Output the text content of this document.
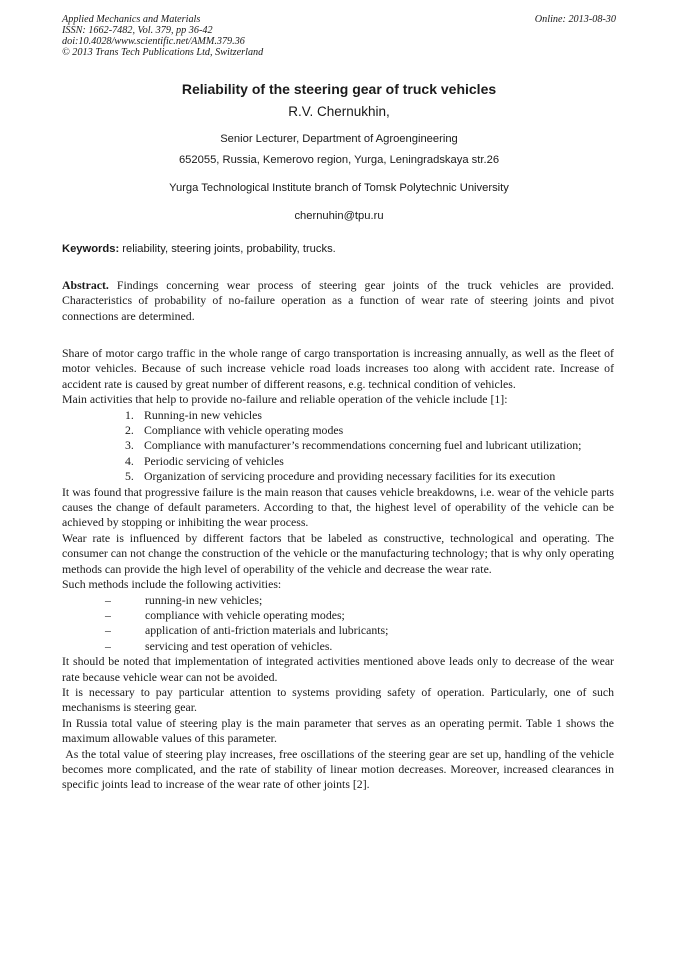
Applied Mechanics and Materials
ISSN: 1662-7482, Vol. 379, pp 36-42
doi:10.4028/www.scientific.net/AMM.379.36
© 2013 Trans Tech Publications Ltd, Switzerland
Online: 2013-08-30
Reliability of the steering gear of truck vehicles
R.V. Chernukhin,
Senior Lecturer, Department of Agroengineering
652055, Russia, Kemerovo region, Yurga, Leningradskaya str.26
Yurga Technological Institute branch of Tomsk Polytechnic University
chernuhin@tpu.ru
Keywords: reliability, steering joints, probability, trucks.

Abstract. Findings concerning wear process of steering gear joints of the truck vehicles are provided. Characteristics of probability of no-failure operation as a function of wear rate of steering joints and pivot connections are determined.

Share of motor cargo traffic in the whole range of cargo transportation is increasing annually, as well as the fleet of motor vehicles. Because of such increase vehicle road loads increases too along with accident rate. Increase of accident rate is caused by great number of different reasons, e.g. technical condition of vehicles.

Main activities that help to provide no-failure and reliable operation of the vehicle include [1]:

1. Running-in new vehicles
2. Compliance with vehicle operating modes
3. Compliance with manufacturer’s recommendations concerning fuel and lubricant utilization;
4. Periodic servicing of vehicles
5. Organization of servicing procedure and providing necessary facilities for its execution

It was found that progressive failure is the main reason that causes vehicle breakdowns, i.e. wear of the vehicle parts causes the change of default parameters. According to that, the highest level of operability of the vehicle can be achieved by stopping or inhibiting the wear process.

Wear rate is influenced by different factors that be labeled as constructive, technological and operating. The consumer can not change the construction of the vehicle or the manufacturing technology; that is why only operating methods can provide the high level of operability of the vehicle and decrease the wear rate.

Such methods include the following activities:

–	running-in new vehicles;
–	compliance with vehicle operating modes;
–	application of anti-friction materials and lubricants;
–	servicing and test operation of vehicles.

It should be noted that implementation of integrated activities mentioned above leads only to decrease of the wear rate because vehicle wear can not be avoided.

It is necessary to pay particular attention to systems providing safety of operation. Particularly, one of such mechanisms is steering gear.

In Russia total value of steering play is the main parameter that serves as an operating permit. Table 1 shows the maximum allowable values of this parameter.

As the total value of steering play increases, free oscillations of the steering gear are set up, handling of the vehicle becomes more complicated, and the rate of stability of linear motion decreases. Moreover, increased clearances in specific joints lead to increase of the wear rate of other joints [2].
